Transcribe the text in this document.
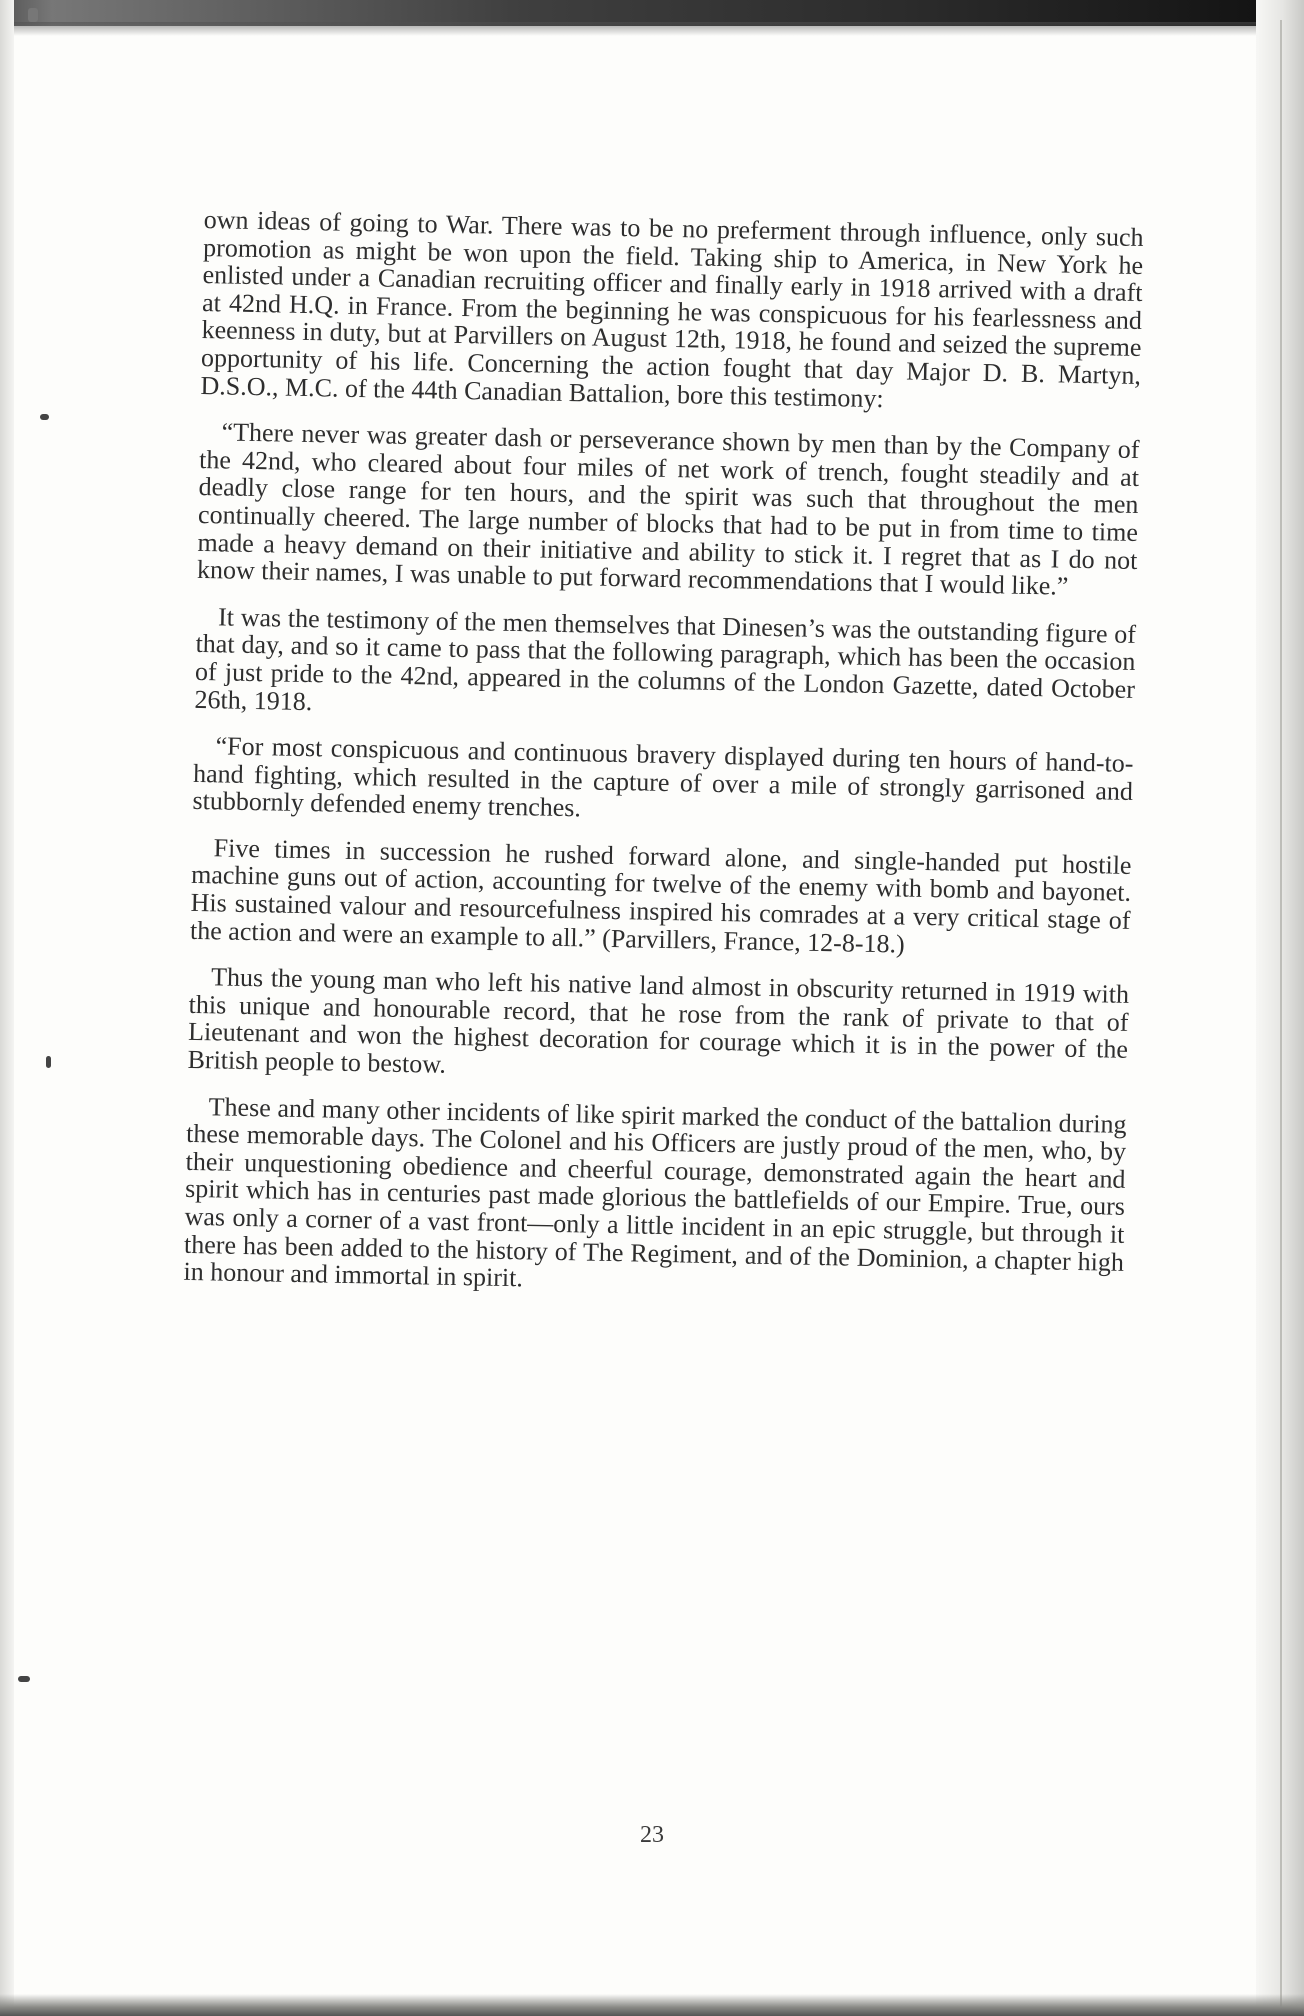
own ideas of going to War. There was to be no preferment through influence, only such promotion as might be won upon the field. Taking ship to America, in New York he enlisted under a Canadian recruiting officer and finally early in 1918 arrived with a draft at 42nd H.Q. in France. From the beginning he was conspicuous for his fearlessness and keenness in duty, but at Parvillers on August 12th, 1918, he found and seized the supreme opportunity of his life. Concerning the action fought that day Major D. B. Martyn, D.S.O., M.C. of the 44th Canadian Battalion, bore this testimony:

“There never was greater dash or perseverance shown by men than by the Company of the 42nd, who cleared about four miles of net work of trench, fought steadily and at deadly close range for ten hours, and the spirit was such that throughout the men continually cheered. The large number of blocks that had to be put in from time to time made a heavy demand on their initiative and ability to stick it. I regret that as I do not know their names, I was unable to put forward recommendations that I would like.”

It was the testimony of the men themselves that Dinesen’s was the outstanding figure of that day, and so it came to pass that the following paragraph, which has been the occasion of just pride to the 42nd, appeared in the columns of the London Gazette, dated October 26th, 1918.

“For most conspicuous and continuous bravery displayed during ten hours of hand-to-hand fighting, which resulted in the capture of over a mile of strongly garrisoned and stubbornly defended enemy trenches.

Five times in succession he rushed forward alone, and single-handed put hostile machine guns out of action, accounting for twelve of the enemy with bomb and bayonet. His sustained valour and resourcefulness inspired his comrades at a very critical stage of the action and were an example to all.” (Parvillers, France, 12-8-18.)

Thus the young man who left his native land almost in obscurity returned in 1919 with this unique and honourable record, that he rose from the rank of private to that of Lieutenant and won the highest decoration for courage which it is in the power of the British people to bestow.

These and many other incidents of like spirit marked the conduct of the battalion during these memorable days. The Colonel and his Officers are justly proud of the men, who, by their unquestioning obedience and cheerful courage, demonstrated again the heart and spirit which has in centuries past made glorious the battlefields of our Empire. True, ours was only a corner of a vast front—only a little incident in an epic struggle, but through it there has been added to the history of The Regiment, and of the Dominion, a chapter high in honour and immortal in spirit.

23
